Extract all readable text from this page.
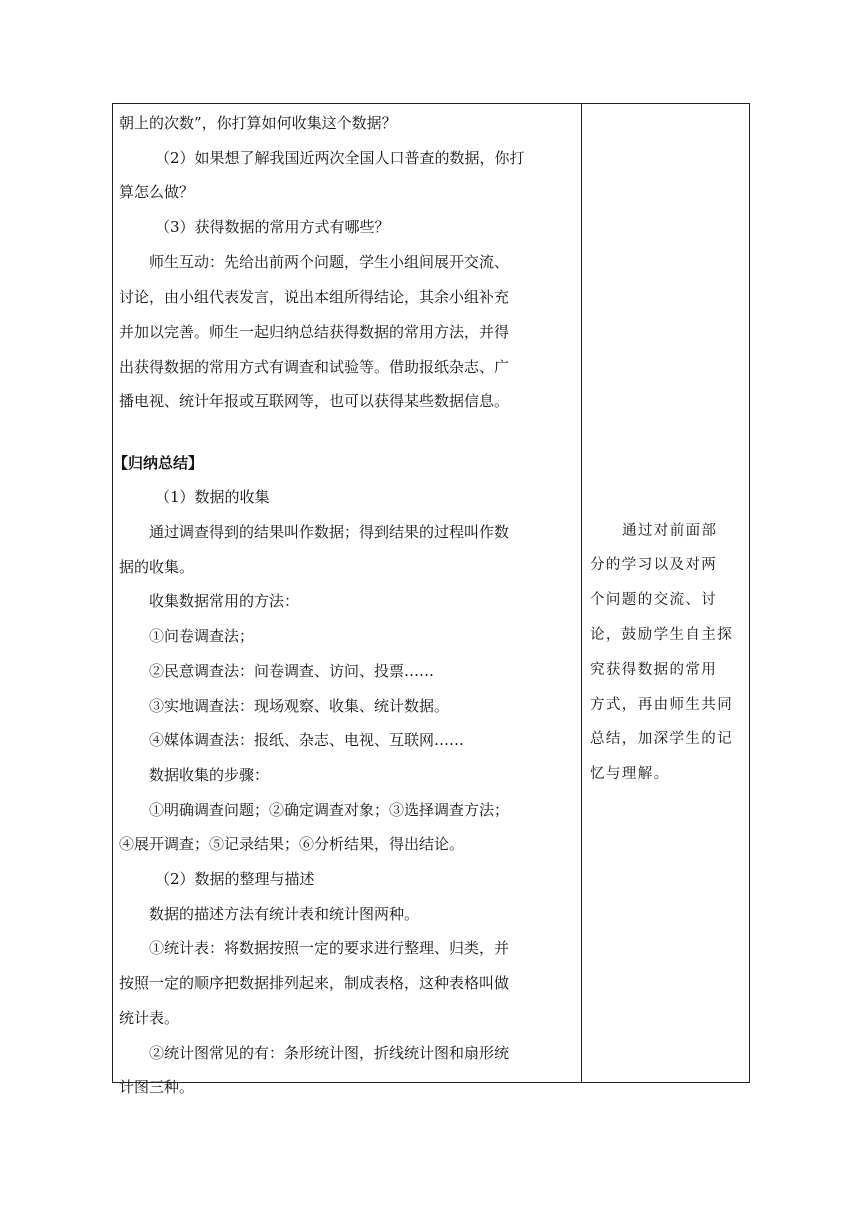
朝上的次数”，你打算如何收集这个数据？
（2）如果想了解我国近两次全国人口普查的数据，你打
算怎么做？
（3）获得数据的常用方式有哪些？
师生互动：先给出前两个问题，学生小组间展开交流、
讨论，由小组代表发言，说出本组所得结论，其余小组补充
并加以完善。师生一起归纳总结获得数据的常用方法，并得
出获得数据的常用方式有调查和试验等。借助报纸杂志、广
播电视、统计年报或互联网等，也可以获得某些数据信息。
【归纳总结】
（1）数据的收集
通过调查得到的结果叫作数据；得到结果的过程叫作数
据的收集。
收集数据常用的方法：
①问卷调查法；
②民意调查法：问卷调查、访问、投票……
③实地调查法：现场观察、收集、统计数据。
④媒体调查法：报纸、杂志、电视、互联网……
数据收集的步骤：
①明确调查问题；②确定调查对象；③选择调查方法；
④展开调查；⑤记录结果；⑥分析结果，得出结论。
（2）数据的整理与描述
数据的描述方法有统计表和统计图两种。
①统计表：将数据按照一定的要求进行整理、归类，并
按照一定的顺序把数据排列起来，制成表格，这种表格叫做
统计表。
②统计图常见的有：条形统计图，折线统计图和扇形统
计图三种。
通过对前面部
分的学习以及对两
个问题的交流、讨
论，鼓励学生自主探
究获得数据的常用
方式，再由师生共同
总结，加深学生的记
忆与理解。
